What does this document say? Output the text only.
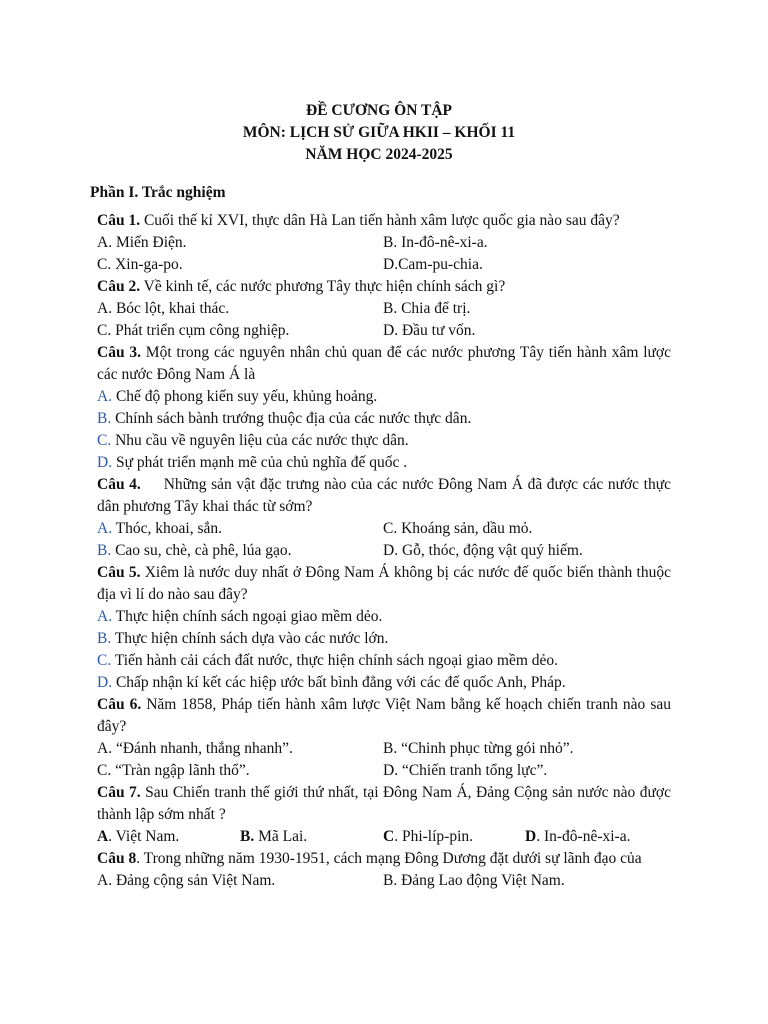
ĐỀ CƯƠNG ÔN TẬP
MÔN: LỊCH SỬ GIỮA HKII – KHỐI 11
NĂM HỌC 2024-2025
Phần I. Trắc nghiệm
Câu 1. Cuối thế kỉ XVI, thực dân Hà Lan tiến hành xâm lược quốc gia nào sau đây?
A. Miến Điện.	B. In-đô-nê-xi-a.
C. Xin-ga-po.	D.Cam-pu-chia.
Câu 2. Về kinh tế, các nước phương Tây thực hiện chính sách gì?
A. Bóc lột, khai thác.	B. Chia để trị.
C. Phát triển cụm công nghiệp.	D. Đầu tư vốn.
Câu 3. Một trong các nguyên nhân chủ quan để các nước phương Tây tiến hành xâm lược các nước Đông Nam Á là
A. Chế độ phong kiến suy yếu, khủng hoảng.
B. Chính sách bành trướng thuộc địa của các nước thực dân.
C. Nhu cầu về nguyên liệu của các nước thực dân.
D. Sự phát triển mạnh mẽ của chủ nghĩa đế quốc .
Câu 4.     Những sản vật đặc trưng nào của các nước Đông Nam Á đã được các nước thực dân phương Tây khai thác từ sớm?
A. Thóc, khoai, sắn.	C. Khoáng sản, dầu mỏ.
B. Cao su, chè, cà phê, lúa gạo.	D. Gỗ, thóc, động vật quý hiếm.
Câu 5. Xiêm là nước duy nhất ở Đông Nam Á không bị các nước đế quốc biến thành thuộc địa vì lí do nào sau đây?
A. Thực hiện chính sách ngoại giao mềm dẻo.
B. Thực hiện chính sách dựa vào các nước lớn.
C. Tiến hành cải cách đất nước, thực hiện chính sách ngoại giao mềm dẻo.
D. Chấp nhận kí kết các hiệp ước bất bình đẳng với các đế quốc Anh, Pháp.
Câu 6. Năm 1858, Pháp tiến hành xâm lược Việt Nam bằng kế hoạch chiến tranh nào sau đây?
A. “Đánh nhanh, thắng nhanh”.	B. “Chinh phục từng gói nhỏ”.
C. “Tràn ngập lãnh thổ”.	D. “Chiến tranh tổng lực”.
Câu 7. Sau Chiến tranh thế giới thứ nhất, tại Đông Nam Á, Đảng Cộng sản nước nào được thành lập sớm nhất ?
A. Việt Nam.	B. Mã Lai.	C. Phi-líp-pin.	D. In-đô-nê-xi-a.
Câu 8. Trong những năm 1930-1951, cách mạng Đông Dương đặt dưới sự lãnh đạo của
A. Đảng cộng sản Việt Nam.	B. Đảng Lao động Việt Nam.
